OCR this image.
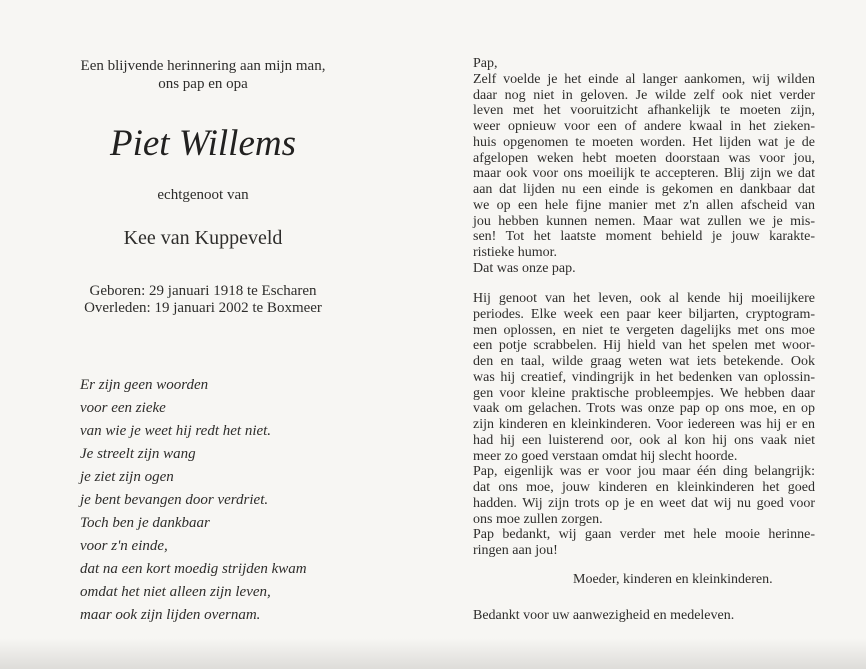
Een blijvende herinnering aan mijn man,
ons pap en opa
Piet Willems
echtgenoot van
Kee van Kuppeveld
Geboren: 29 januari 1918 te Escharen
Overleden: 19 januari 2002 te Boxmeer
Er zijn geen woorden
voor een zieke
van wie je weet hij redt het niet.
Je streelt zijn wang
je ziet zijn ogen
je bent bevangen door verdriet.
Toch ben je dankbaar
voor z'n einde,
dat na een kort moedig strijden kwam
omdat het niet alleen zijn leven,
maar ook zijn lijden overnam.
Pap,
Zelf voelde je het einde al langer aankomen, wij wilden
daar nog niet in geloven. Je wilde zelf ook niet verder
leven met het vooruitzicht afhankelijk te moeten zijn,
weer opnieuw voor een of andere kwaal in het zieken-
huis opgenomen te moeten worden. Het lijden wat je de
afgelopen weken hebt moeten doorstaan was voor jou,
maar ook voor ons moeilijk te accepteren. Blij zijn we dat
aan dat lijden nu een einde is gekomen en dankbaar dat
we op een hele fijne manier met z'n allen afscheid van
jou hebben kunnen nemen. Maar wat zullen we je mis-
sen! Tot het laatste moment behield je jouw karakte-
ristieke humor.
Dat was onze pap.
Hij genoot van het leven, ook al kende hij moeilijkere
periodes. Elke week een paar keer biljarten, cryptogram-
men oplossen, en niet te vergeten dagelijks met ons moe
een potje scrabbelen. Hij hield van het spelen met woor-
den en taal, wilde graag weten wat iets betekende. Ook
was hij creatief, vindingrijk in het bedenken van oplossin-
gen voor kleine praktische probleempjes. We hebben daar
vaak om gelachen. Trots was onze pap op ons moe, en op
zijn kinderen en kleinkinderen. Voor iedereen was hij er en
had hij een luisterend oor, ook al kon hij ons vaak niet
meer zo goed verstaan omdat hij slecht hoorde.
Pap, eigenlijk was er voor jou maar één ding belangrijk:
dat ons moe, jouw kinderen en kleinkinderen het goed
hadden. Wij zijn trots op je en weet dat wij nu goed voor
ons moe zullen zorgen.
Pap bedankt, wij gaan verder met hele mooie herinne-
ringen aan jou!
Moeder, kinderen en kleinkinderen.
Bedankt voor uw aanwezigheid en medeleven.
